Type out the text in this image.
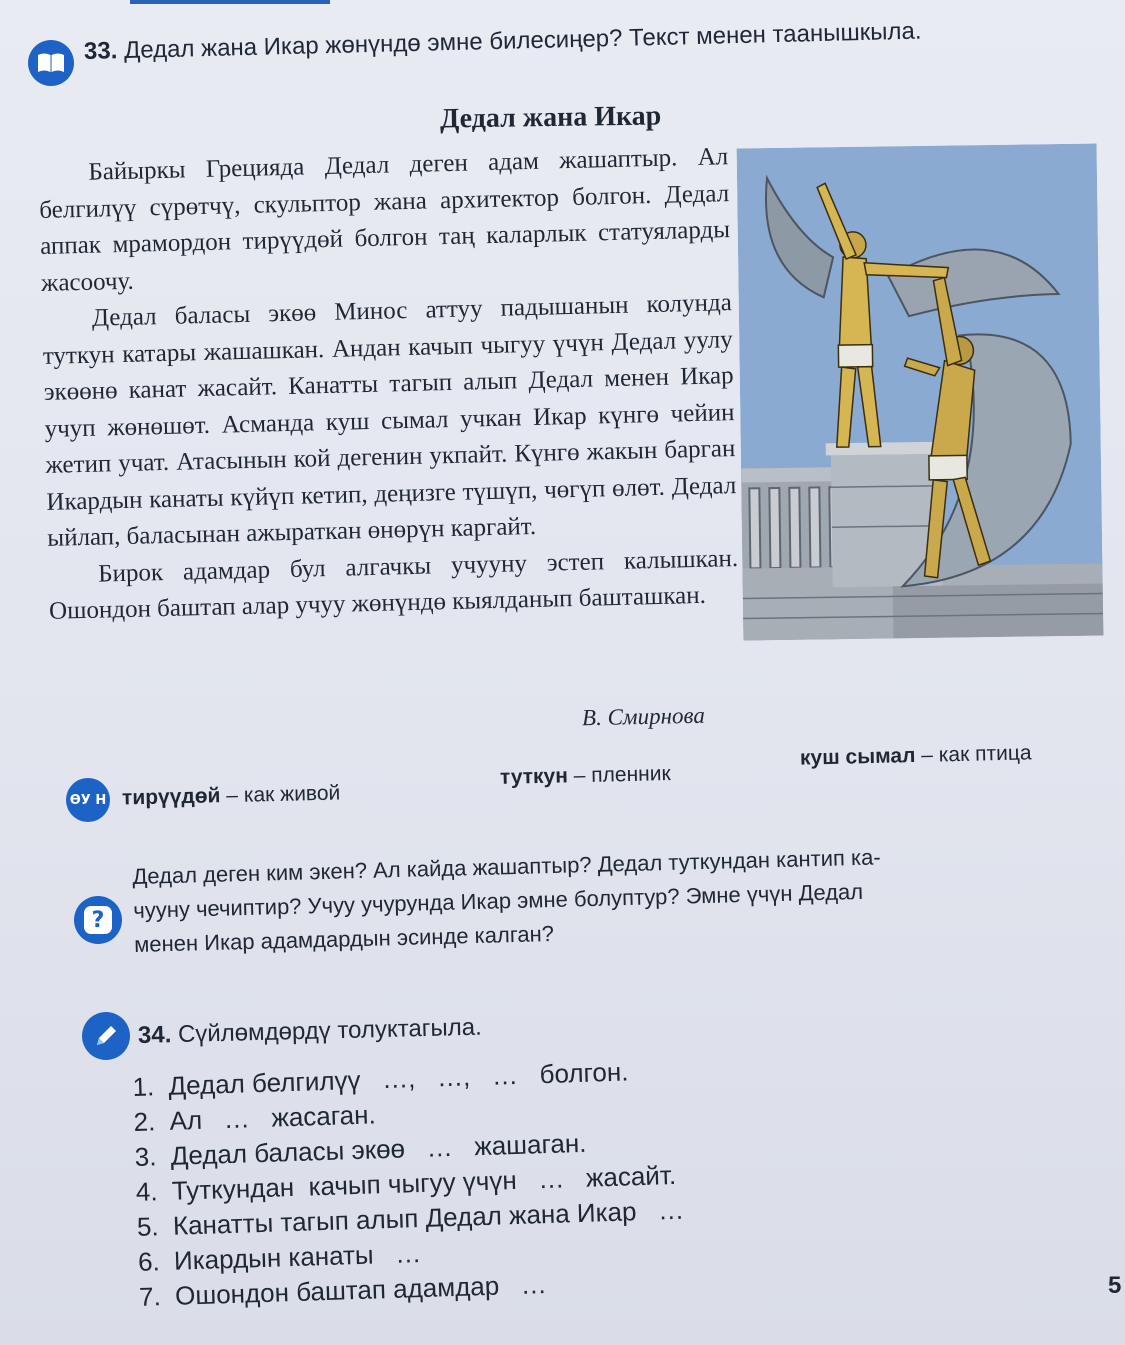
33. Дедал жана Икар жөнүндө эмне билесиңер? Текст менен таанышкыла.
Дедал жана Икар

Байыркы Грецияда Дедал деген адам жашаптыр. Ал белгилүү сүрөтчү, скульптор жана архитектор болгон. Дедал аппак мрамордон тирүүдөй болгон таң каларлык статуяларды жасоочу.

Дедал баласы экөө Минос аттуу падышанын колунда туткун катары жашашкан. Андан качып чыгуу үчүн Дедал уулу экөөнө канат жасайт. Канатты тагып алып Дедал менен Икар учуп жөнөшөт. Асманда куш сымал учкан Икар күнгө чейин жетип учат. Атасынын кой дегенин укпайт. Күнгө жакын барган Икардын канаты күйүп кетип, деңизге түшүп, чөгүп өлөт. Дедал ыйлап, баласынан ажыраткан өнөрүн каргайт.

Бирок адамдар бул алгачкы учууну эстеп калышкан. Ошондон баштап алар учуу жөнүндө кыялданып башташкан.

В. Смирнова
ӨУ Н тирүүдөй – как живой
туткун – пленник
куш сымал – как птица
?
Дедал деген ким экен? Ал кайда жашаптыр? Дедал туткундан кантип ка-
чууну чечиптир? Учуу учурунда Икар эмне болуптур? Эмне үчүн Дедал
менен Икар адамдардын эсинде калган?
34. Сүйлөмдөрдү толуктагыла.
1. Дедал белгилүү   …,   …,   …   болгон.
2. Ал   …   жасаган.
3. Дедал баласы экөө   …   жашаган.
4. Туткундан  качып чыгуу үчүн   …   жасайт.
5. Канатты тагып алып Дедал жана Икар   …
6. Икардын канаты   …
7. Ошондон баштап адамдар   …	5
